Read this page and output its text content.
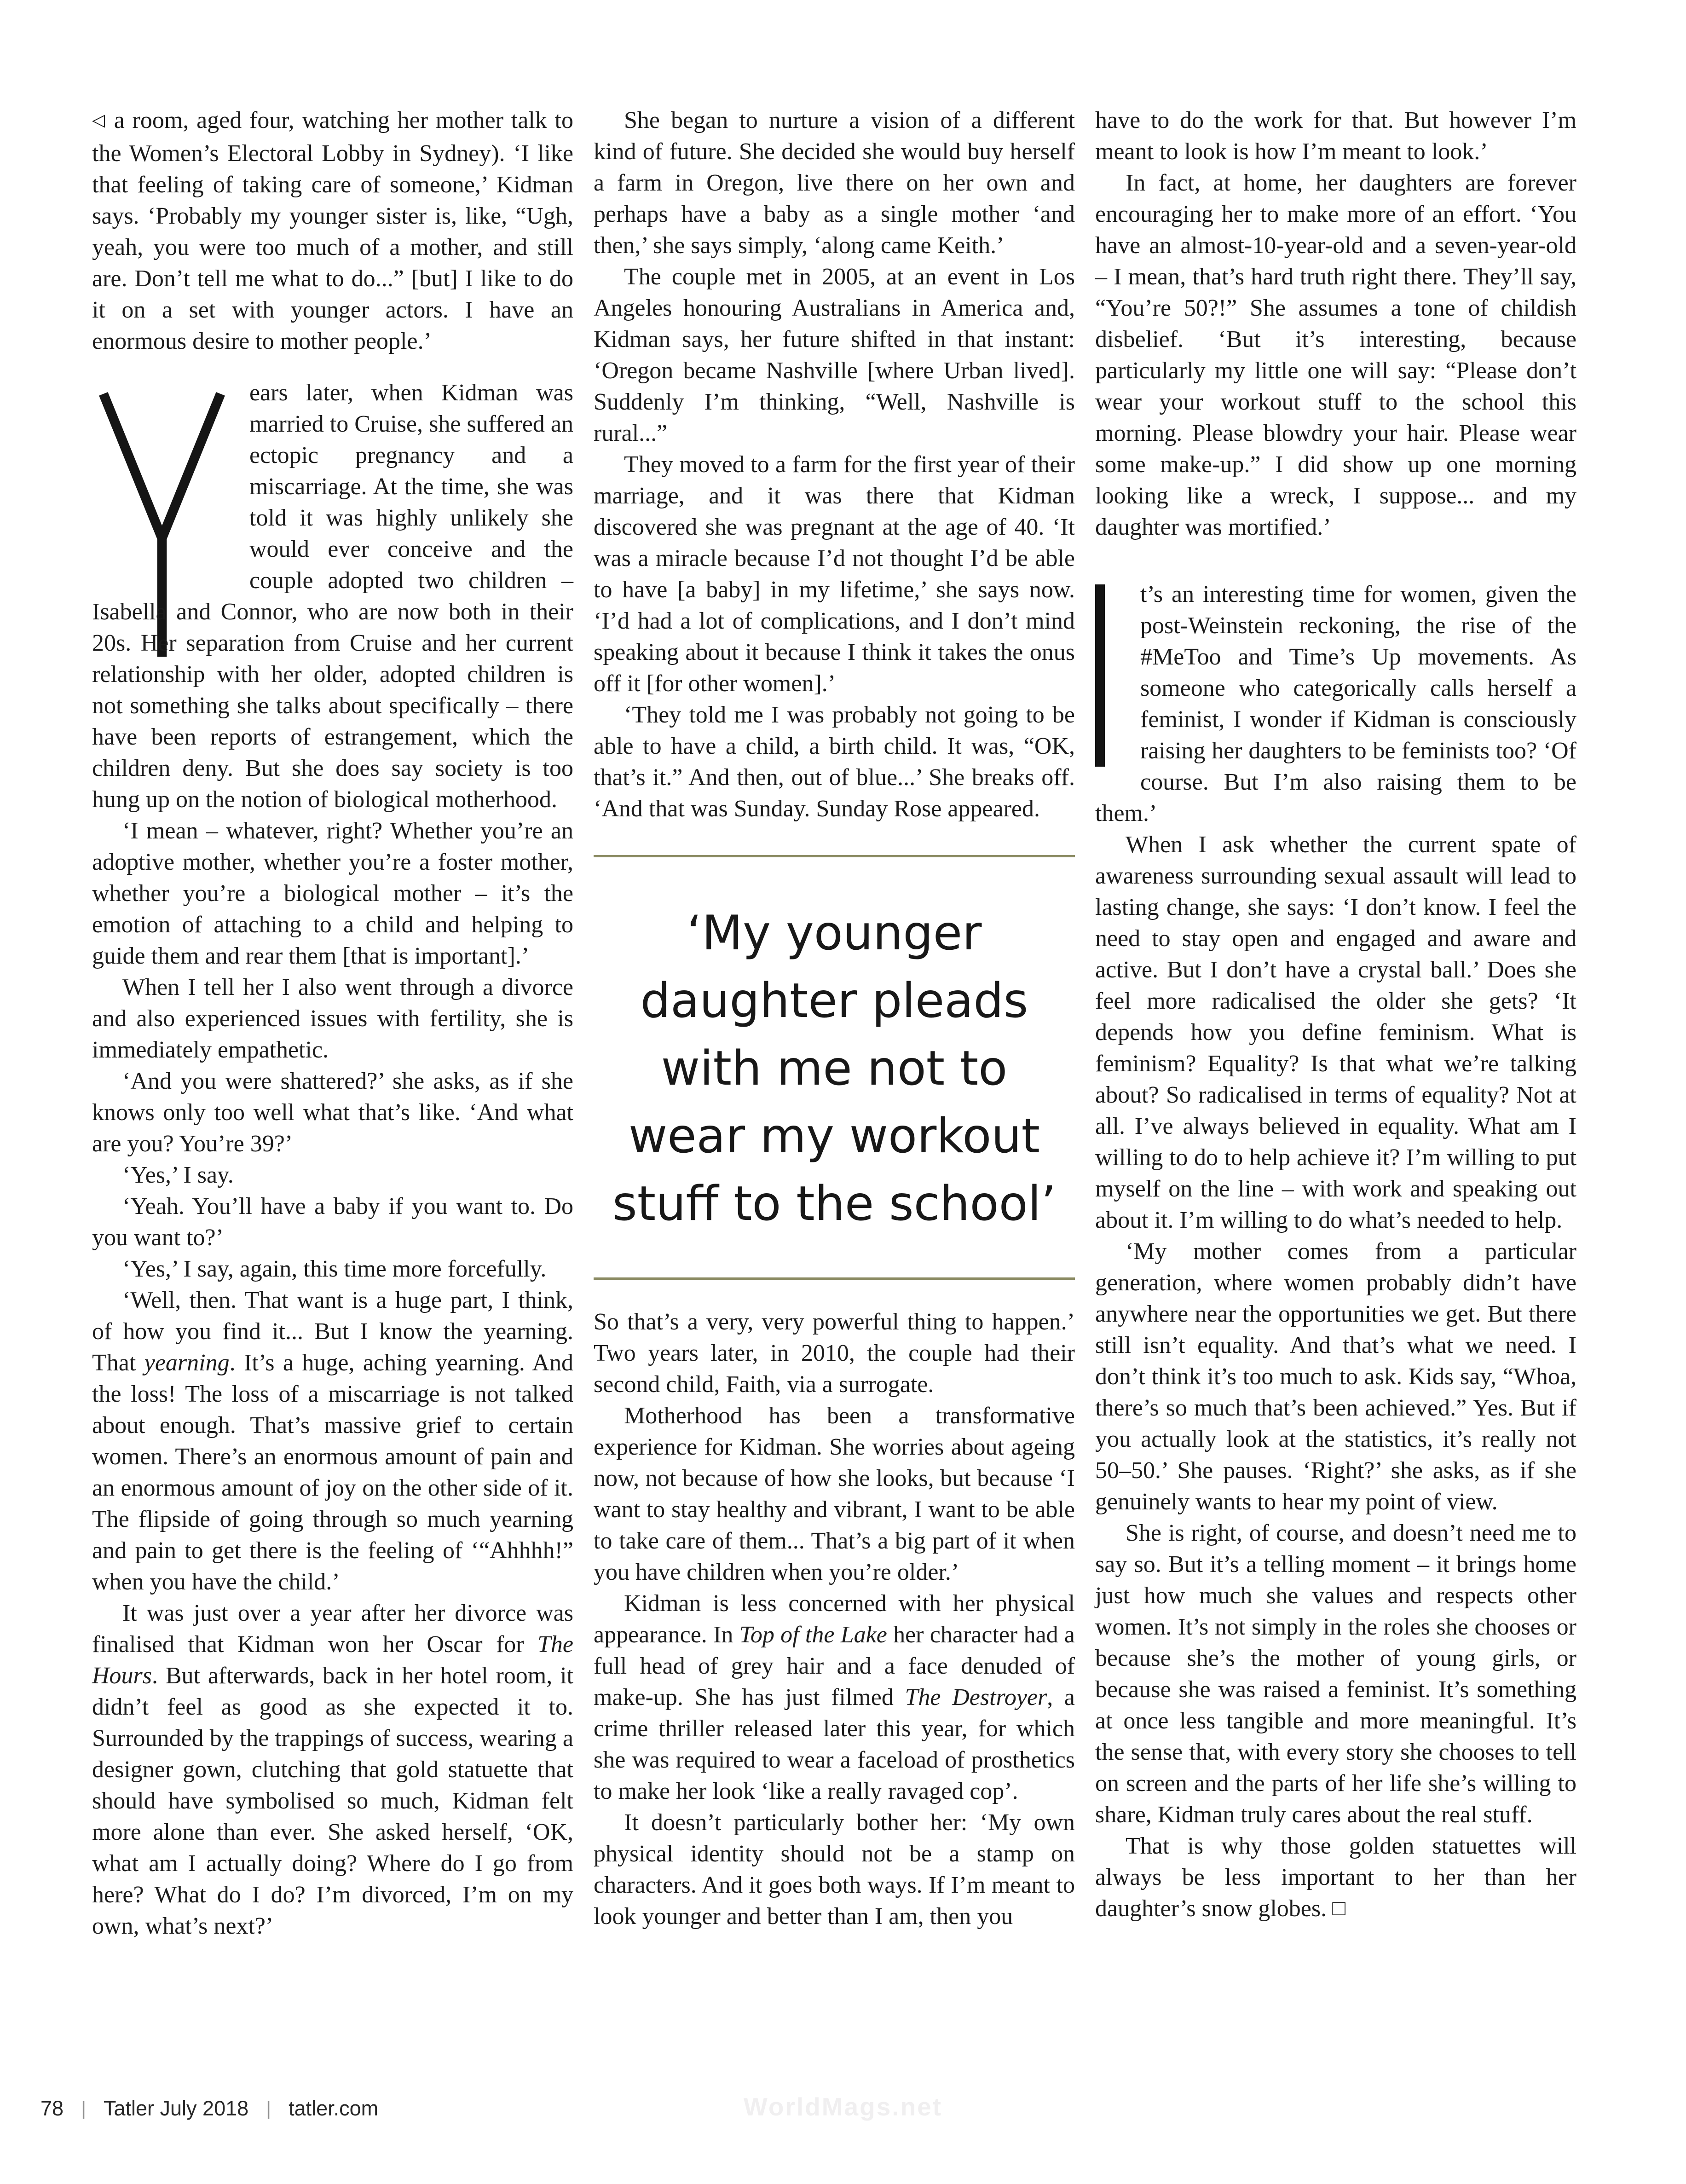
◁ a room, aged four, watching her mother talk to the Women’s Electoral Lobby in Sydney). ‘I like that feeling of taking care of someone,’ Kidman says. ‘Probably my younger sister is, like, “Ugh, yeah, you were too much of a mother, and still are. Don’t tell me what to do...” [but] I like to do it on a set with younger actors. I have an enormous desire to mother people.’

ears later, when Kidman was married to Cruise, she suffered an ectopic pregnancy and a miscarriage. At the time, she was told it was highly unlikely she would ever conceive and the couple adopted two children – Isabella and Connor, who are now both in their 20s. Her separation from Cruise and her current relationship with her older, adopted children is not something she talks about specifically – there have been reports of estrangement, which the children deny. But she does say society is too hung up on the notion of biological motherhood.

‘I mean – whatever, right? Whether you’re an adoptive mother, whether you’re a foster mother, whether you’re a biological mother – it’s the emotion of attaching to a child and helping to guide them and rear them [that is important].’

When I tell her I also went through a divorce and also experienced issues with fertility, she is immediately empathetic.

‘And you were shattered?’ she asks, as if she knows only too well what that’s like. ‘And what are you? You’re 39?’

‘Yes,’ I say.

‘Yeah. You’ll have a baby if you want to. Do you want to?’

‘Yes,’ I say, again, this time more forcefully.

‘Well, then. That want is a huge part, I think, of how you find it... But I know the yearning. That yearning. It’s a huge, aching yearning. And the loss! The loss of a miscarriage is not talked about enough. That’s massive grief to certain women. There’s an enormous amount of pain and an enormous amount of joy on the other side of it. The flipside of going through so much yearning and pain to get there is the feeling of ‘“Ahhhh!” when you have the child.’

It was just over a year after her divorce was finalised that Kidman won her Oscar for The Hours. But afterwards, back in her hotel room, it didn’t feel as good as she expected it to. Surrounded by the trappings of success, wearing a designer gown, clutching that gold statuette that should have symbolised so much, Kidman felt more alone than ever. She asked herself, ‘OK, what am I actually doing? Where do I go from here? What do I do? I’m divorced, I’m on my own, what’s next?’

She began to nurture a vision of a different kind of future. She decided she would buy herself a farm in Oregon, live there on her own and perhaps have a baby as a single mother ‘and then,’ she says simply, ‘along came Keith.’

The couple met in 2005, at an event in Los Angeles honouring Australians in America and, Kidman says, her future shifted in that instant: ‘Oregon became Nashville [where Urban lived]. Suddenly I’m thinking, “Well, Nashville is rural...”

They moved to a farm for the first year of their marriage, and it was there that Kidman discovered she was pregnant at the age of 40. ‘It was a miracle because I’d not thought I’d be able to have [a baby] in my lifetime,’ she says now. ‘I’d had a lot of complications, and I don’t mind speaking about it because I think it takes the onus off it [for other women].’

‘They told me I was probably not going to be able to have a child, a birth child. It was, “OK, that’s it.” And then, out of blue...’ She breaks off. ‘And that was Sunday. Sunday Rose appeared.

‘My younger
daughter pleads
with me not to
wear my workout
stuff to the school’

So that’s a very, very powerful thing to happen.’ Two years later, in 2010, the couple had their second child, Faith, via a surrogate.

Motherhood has been a transformative experience for Kidman. She worries about ageing now, not because of how she looks, but because ‘I want to stay healthy and vibrant, I want to be able to take care of them... That’s a big part of it when you have children when you’re older.’

Kidman is less concerned with her physical appearance. In Top of the Lake her character had a full head of grey hair and a face denuded of make-up. She has just filmed The Destroyer, a crime thriller released later this year, for which she was required to wear a faceload of prosthetics to make her look ‘like a really ravaged cop’.

It doesn’t particularly bother her: ‘My own physical identity should not be a stamp on characters. And it goes both ways. If I’m meant to look younger and better than I am, then you

have to do the work for that. But however I’m meant to look is how I’m meant to look.’

In fact, at home, her daughters are forever encouraging her to make more of an effort. ‘You have an almost-10-year-old and a seven-year-old – I mean, that’s hard truth right there. They’ll say, “You’re 50?!” She assumes a tone of childish disbelief. ‘But it’s interesting, because particularly my little one will say: “Please don’t wear your workout stuff to the school this morning. Please blowdry your hair. Please wear some make-up.” I did show up one morning looking like a wreck, I suppose... and my daughter was mortified.’

t’s an interesting time for women, given the post-Weinstein reckoning, the rise of the #MeToo and Time’s Up movements. As someone who categorically calls herself a feminist, I wonder if Kidman is consciously raising her daughters to be feminists too? ‘Of course. But I’m also raising them to be them.’

When I ask whether the current spate of awareness surrounding sexual assault will lead to lasting change, she says: ‘I don’t know. I feel the need to stay open and engaged and aware and active. But I don’t have a crystal ball.’ Does she feel more radicalised the older she gets? ‘It depends how you define feminism. What is feminism? Equality? Is that what we’re talking about? So radicalised in terms of equality? Not at all. I’ve always believed in equality. What am I willing to do to help achieve it? I’m willing to put myself on the line – with work and speaking out about it. I’m willing to do what’s needed to help.

‘My mother comes from a particular generation, where women probably didn’t have anywhere near the opportunities we get. But there still isn’t equality. And that’s what we need. I don’t think it’s too much to ask. Kids say, “Whoa, there’s so much that’s been achieved.” Yes. But if you actually look at the statistics, it’s really not 50–50.’ She pauses. ‘Right?’ she asks, as if she genuinely wants to hear my point of view.

She is right, of course, and doesn’t need me to say so. But it’s a telling moment – it brings home just how much she values and respects other women. It’s not simply in the roles she chooses or because she’s the mother of young girls, or because she was raised a feminist. It’s something at once less tangible and more meaningful. It’s the sense that, with every story she chooses to tell on screen and the parts of her life she’s willing to share, Kidman truly cares about the real stuff.

That is why those golden statuettes will always be less important to her than her daughter’s snow globes. □

78 | Tatler July 2018 | tatler.com	WorldMags.net
